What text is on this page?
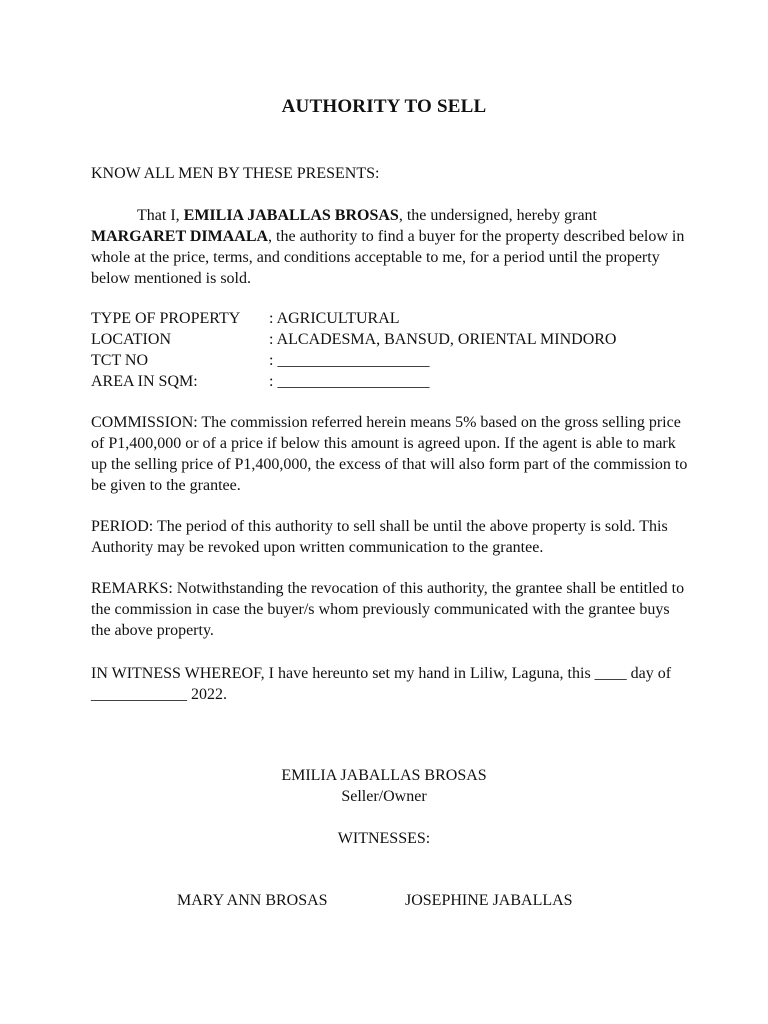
AUTHORITY TO SELL
KNOW ALL MEN BY THESE PRESENTS:
That I, EMILIA JABALLAS BROSAS, the undersigned, hereby grant MARGARET DIMAALA, the authority to find a buyer for the property described below in whole at the price, terms, and conditions acceptable to me, for a period until the property below mentioned is sold.
TYPE OF PROPERTY : AGRICULTURAL
LOCATION	: ALCADESMA, BANSUD, ORIENTAL MINDORO
TCT NO	: ___________________
AREA IN SQM:	: ___________________
COMMISSION: The commission referred herein means 5% based on the gross selling price of P1,400,000 or of a price if below this amount is agreed upon. If the agent is able to mark up the selling price of P1,400,000, the excess of that will also form part of the commission to be given to the grantee.
PERIOD: The period of this authority to sell shall be until the above property is sold. This Authority may be revoked upon written communication to the grantee.
REMARKS: Notwithstanding the revocation of this authority, the grantee shall be entitled to the commission in case the buyer/s whom previously communicated with the grantee buys the above property.
IN WITNESS WHEREOF, I have hereunto set my hand in Liliw, Laguna, this ____ day of ____________ 2022.
EMILIA JABALLAS BROSAS
Seller/Owner
WITNESSES:
MARY ANN BROSAS	JOSEPHINE JABALLAS
